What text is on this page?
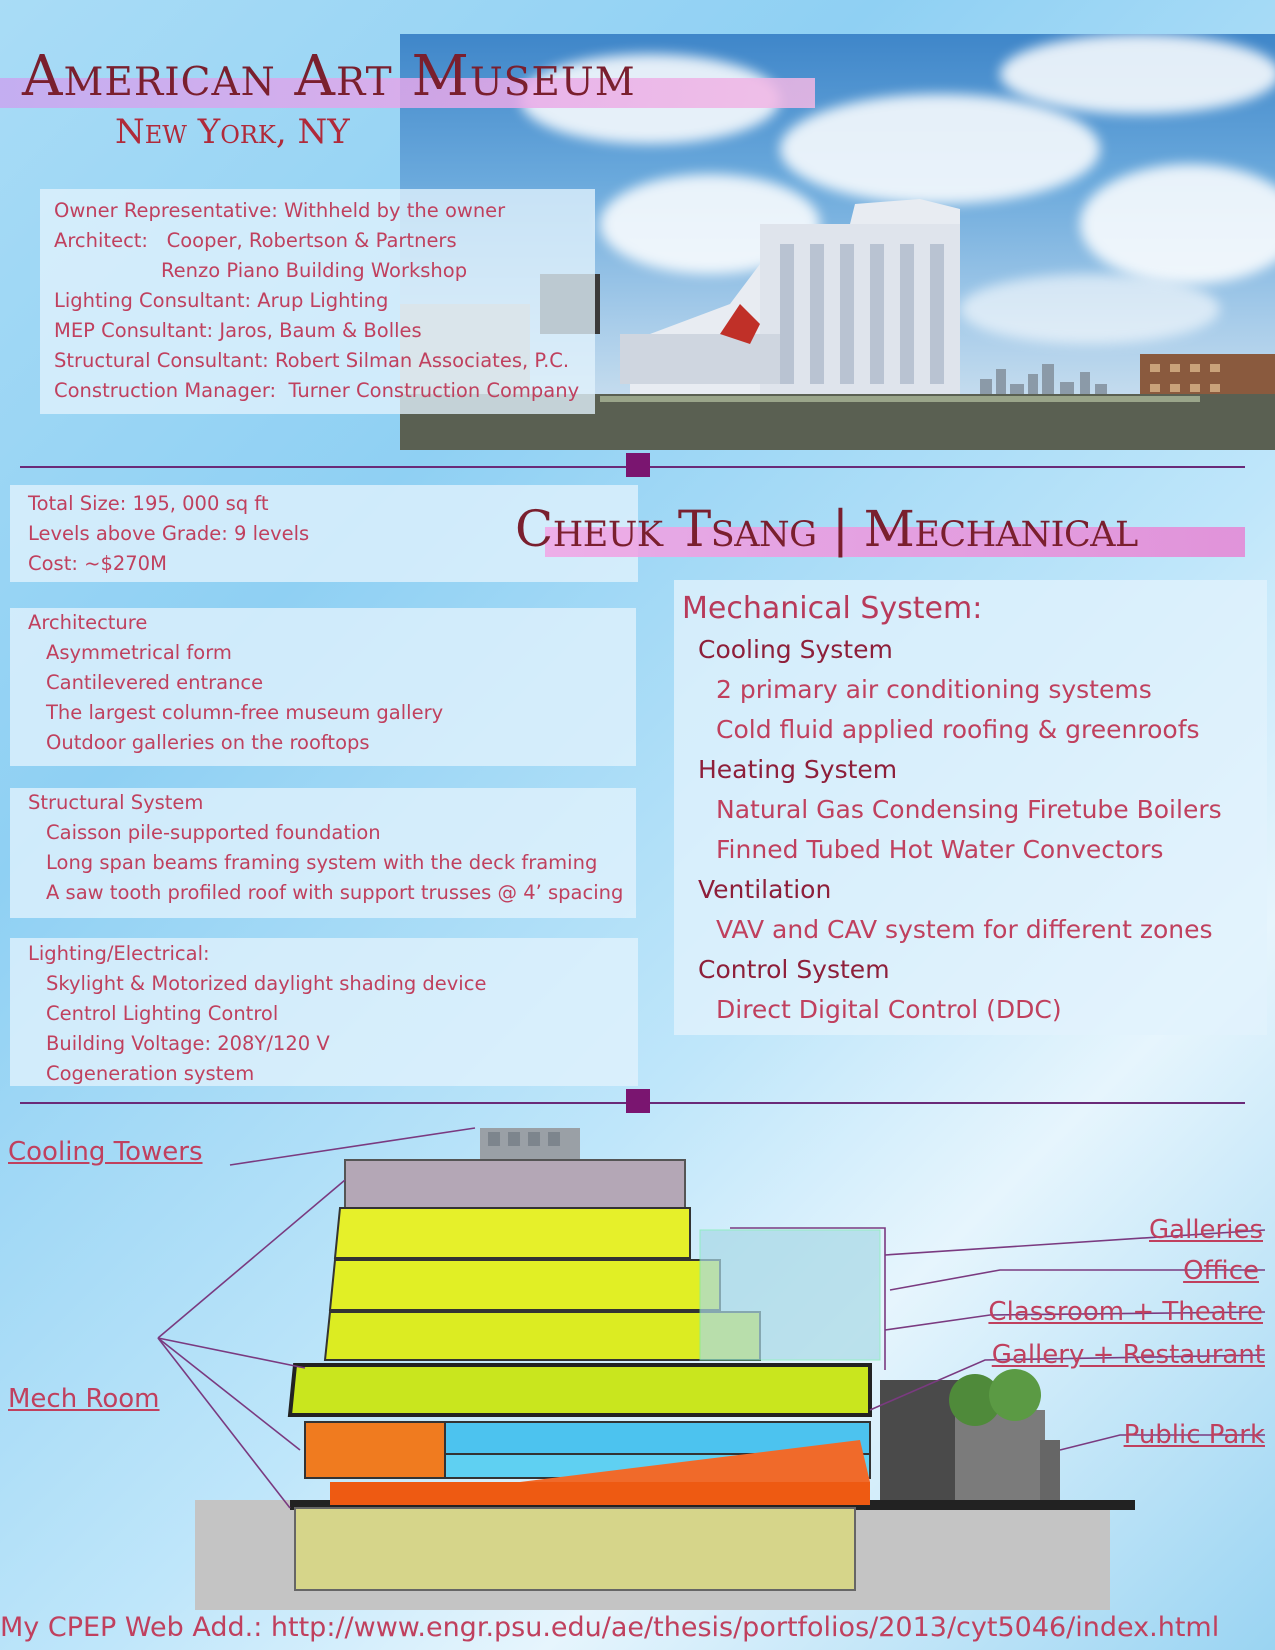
American Art Museum
New York, NY
Owner Representative: Withheld by the owner
Architect: Cooper, Robertson & Partners
Renzo Piano Building Workshop
Lighting Consultant: Arup Lighting
MEP Consultant: Jaros, Baum & Bolles
Structural Consultant: Robert Silman Associates, P.C.
Construction Manager: Turner Construction Company
Total Size: 195, 000 sq ft
Levels above Grade: 9 levels
Cost: ~$270M
Cheuk Tsang | Mechanical
Architecture
Asymmetrical form
Cantilevered entrance
The largest column-free museum gallery
Outdoor galleries on the rooftops
Structural System
Caisson pile-supported foundation
Long span beams framing system with the deck framing
A saw tooth profiled roof with support trusses @ 4’ spacing
Lighting/Electrical:
Skylight & Motorized daylight shading device
Centrol Lighting Control
Building Voltage: 208Y/120 V
Cogeneration system
Mechanical System:
Cooling System
2 primary air conditioning systems
Cold fluid applied roofing & greenroofs
Heating System
Natural Gas Condensing Firetube Boilers
Finned Tubed Hot Water Convectors
Ventilation
VAV and CAV system for different zones
Control System
Direct Digital Control (DDC)
Cooling Towers
Mech Room
Galleries
Office
Classroom + Theatre
Gallery + Restaurant
Public Park
My CPEP Web Add.: http://www.engr.psu.edu/ae/thesis/portfolios/2013/cyt5046/index.html
